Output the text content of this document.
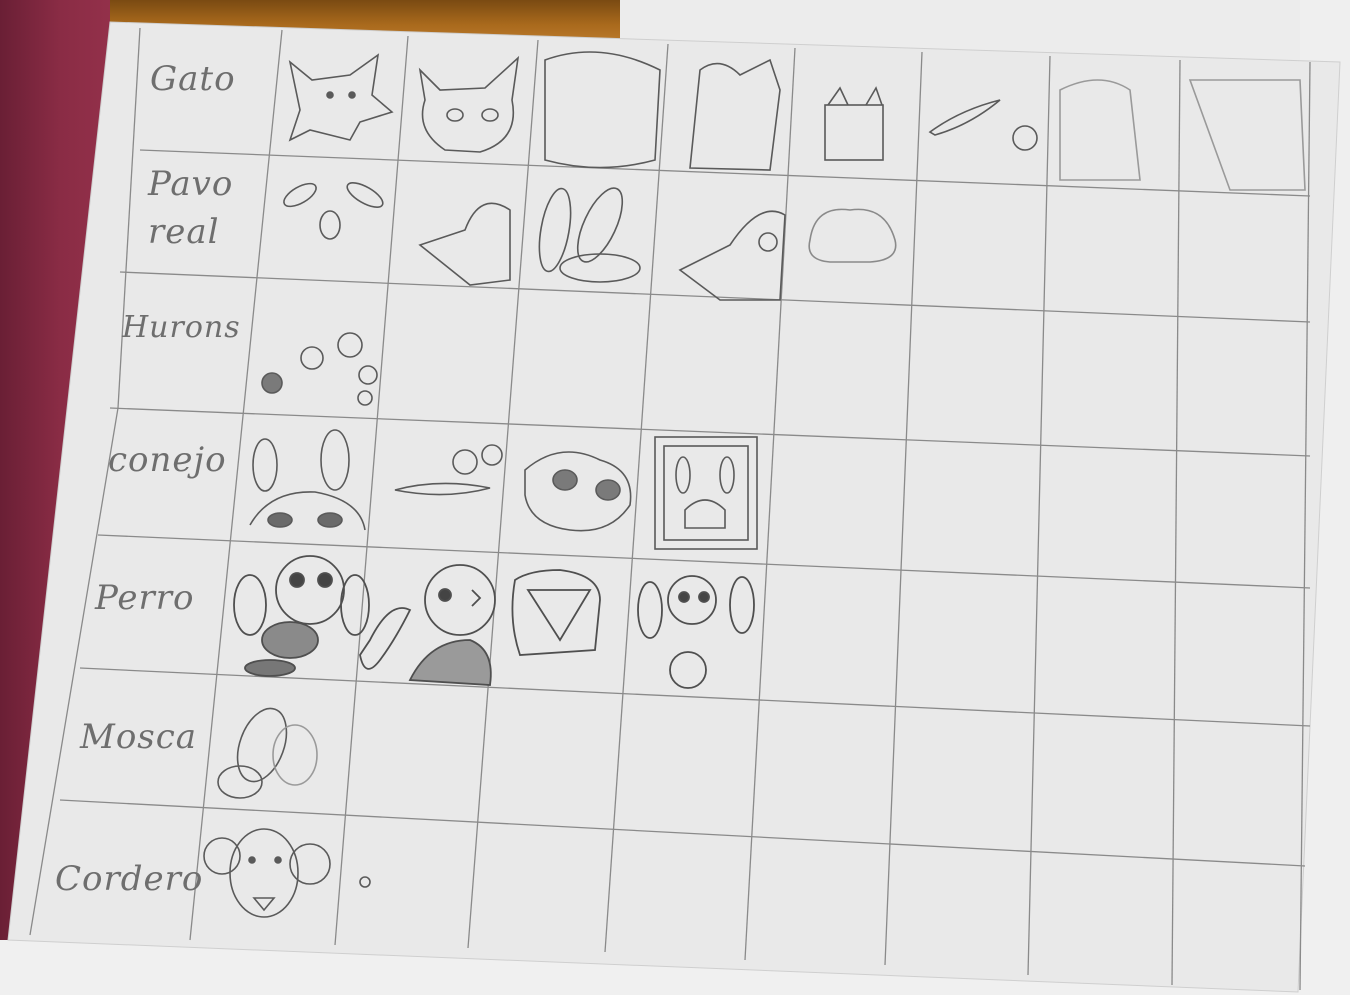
Gato
Pavo
real
Hurons
conejo
Perro
Mosca
Cordero
